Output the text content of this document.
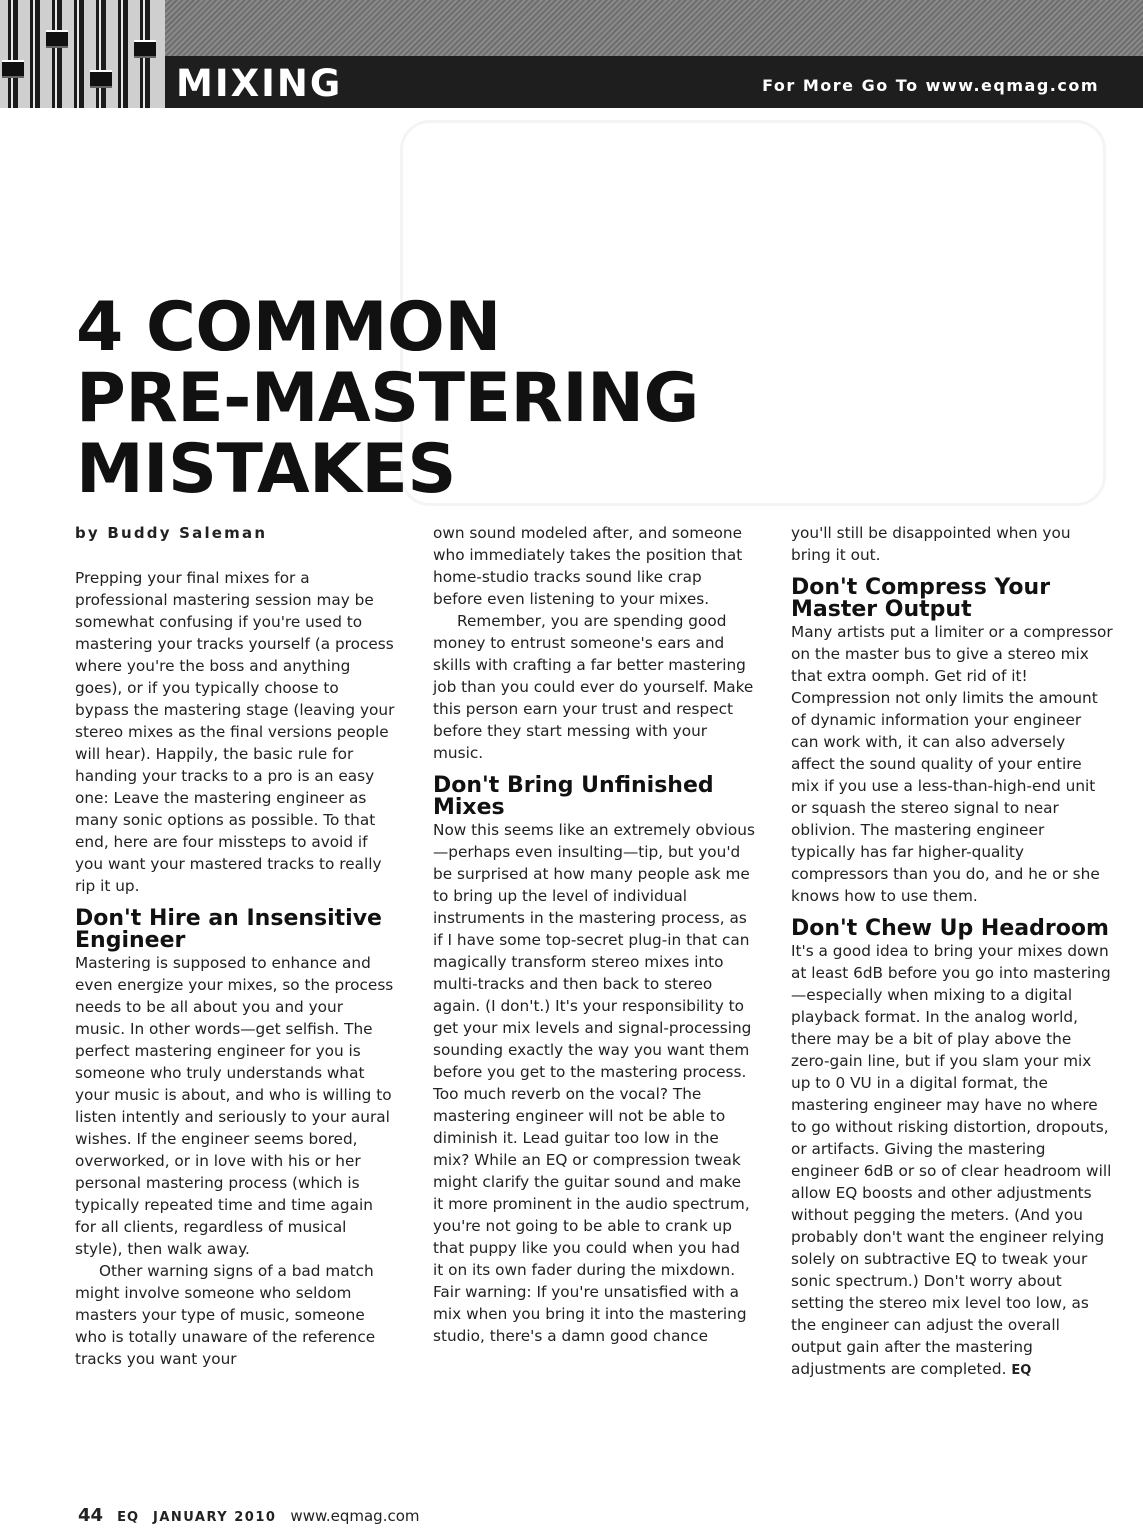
MIXING	For More Go To www.eqmag.com
4 COMMON
PRE-MASTERING
MISTAKES
by Buddy Saleman

Prepping your final mixes for a professional mastering session may be somewhat confusing if you're used to mastering your tracks yourself (a process where you're the boss and anything goes), or if you typically choose to bypass the mastering stage (leaving your stereo mixes as the final versions people will hear). Happily, the basic rule for handing your tracks to a pro is an easy one: Leave the mastering engineer as many sonic options as possible. To that end, here are four missteps to avoid if you want your mastered tracks to really rip it up.

Don't Hire an Insensitive Engineer

Mastering is supposed to enhance and even energize your mixes, so the process needs to be all about you and your music. In other words—get selfish. The perfect mastering engineer for you is someone who truly understands what your music is about, and who is willing to listen intently and seriously to your aural wishes. If the engineer seems bored, overworked, or in love with his or her personal mastering process (which is typically repeated time and time again for all clients, regardless of musical style), then walk away.

Other warning signs of a bad match might involve someone who seldom masters your type of music, someone who is totally unaware of the reference tracks you want your

own sound modeled after, and someone who immediately takes the position that home-studio tracks sound like crap before even listening to your mixes.

Remember, you are spending good money to entrust someone's ears and skills with crafting a far better mastering job than you could ever do yourself. Make this person earn your trust and respect before they start messing with your music.

Don't Bring Unfinished Mixes

Now this seems like an extremely obvious—perhaps even insulting—tip, but you'd be surprised at how many people ask me to bring up the level of individual instruments in the mastering process, as if I have some top-secret plug-in that can magically transform stereo mixes into multi-tracks and then back to stereo again. (I don't.) It's your responsibility to get your mix levels and signal-processing sounding exactly the way you want them before you get to the mastering process. Too much reverb on the vocal? The mastering engineer will not be able to diminish it. Lead guitar too low in the mix? While an EQ or compression tweak might clarify the guitar sound and make it more prominent in the audio spectrum, you're not going to be able to crank up that puppy like you could when you had it on its own fader during the mixdown. Fair warning: If you're unsatisfied with a mix when you bring it into the mastering studio, there's a damn good chance

you'll still be disappointed when you bring it out.

Don't Compress Your Master Output

Many artists put a limiter or a compressor on the master bus to give a stereo mix that extra oomph. Get rid of it! Compression not only limits the amount of dynamic information your engineer can work with, it can also adversely affect the sound quality of your entire mix if you use a less-than-high-end unit or squash the stereo signal to near oblivion. The mastering engineer typically has far higher-quality compressors than you do, and he or she knows how to use them.

Don't Chew Up Headroom

It's a good idea to bring your mixes down at least 6dB before you go into mastering—especially when mixing to a digital playback format. In the analog world, there may be a bit of play above the zero-gain line, but if you slam your mix up to 0 VU in a digital format, the mastering engineer may have no where to go without risking distortion, dropouts, or artifacts. Giving the mastering engineer 6dB or so of clear headroom will allow EQ boosts and other adjustments without pegging the meters. (And you probably don't want the engineer relying solely on subtractive EQ to tweak your sonic spectrum.) Don't worry about setting the stereo mix level too low, as the engineer can adjust the overall output gain after the mastering adjustments are completed. EQ

44 EQ JANUARY 2010 www.eqmag.com
